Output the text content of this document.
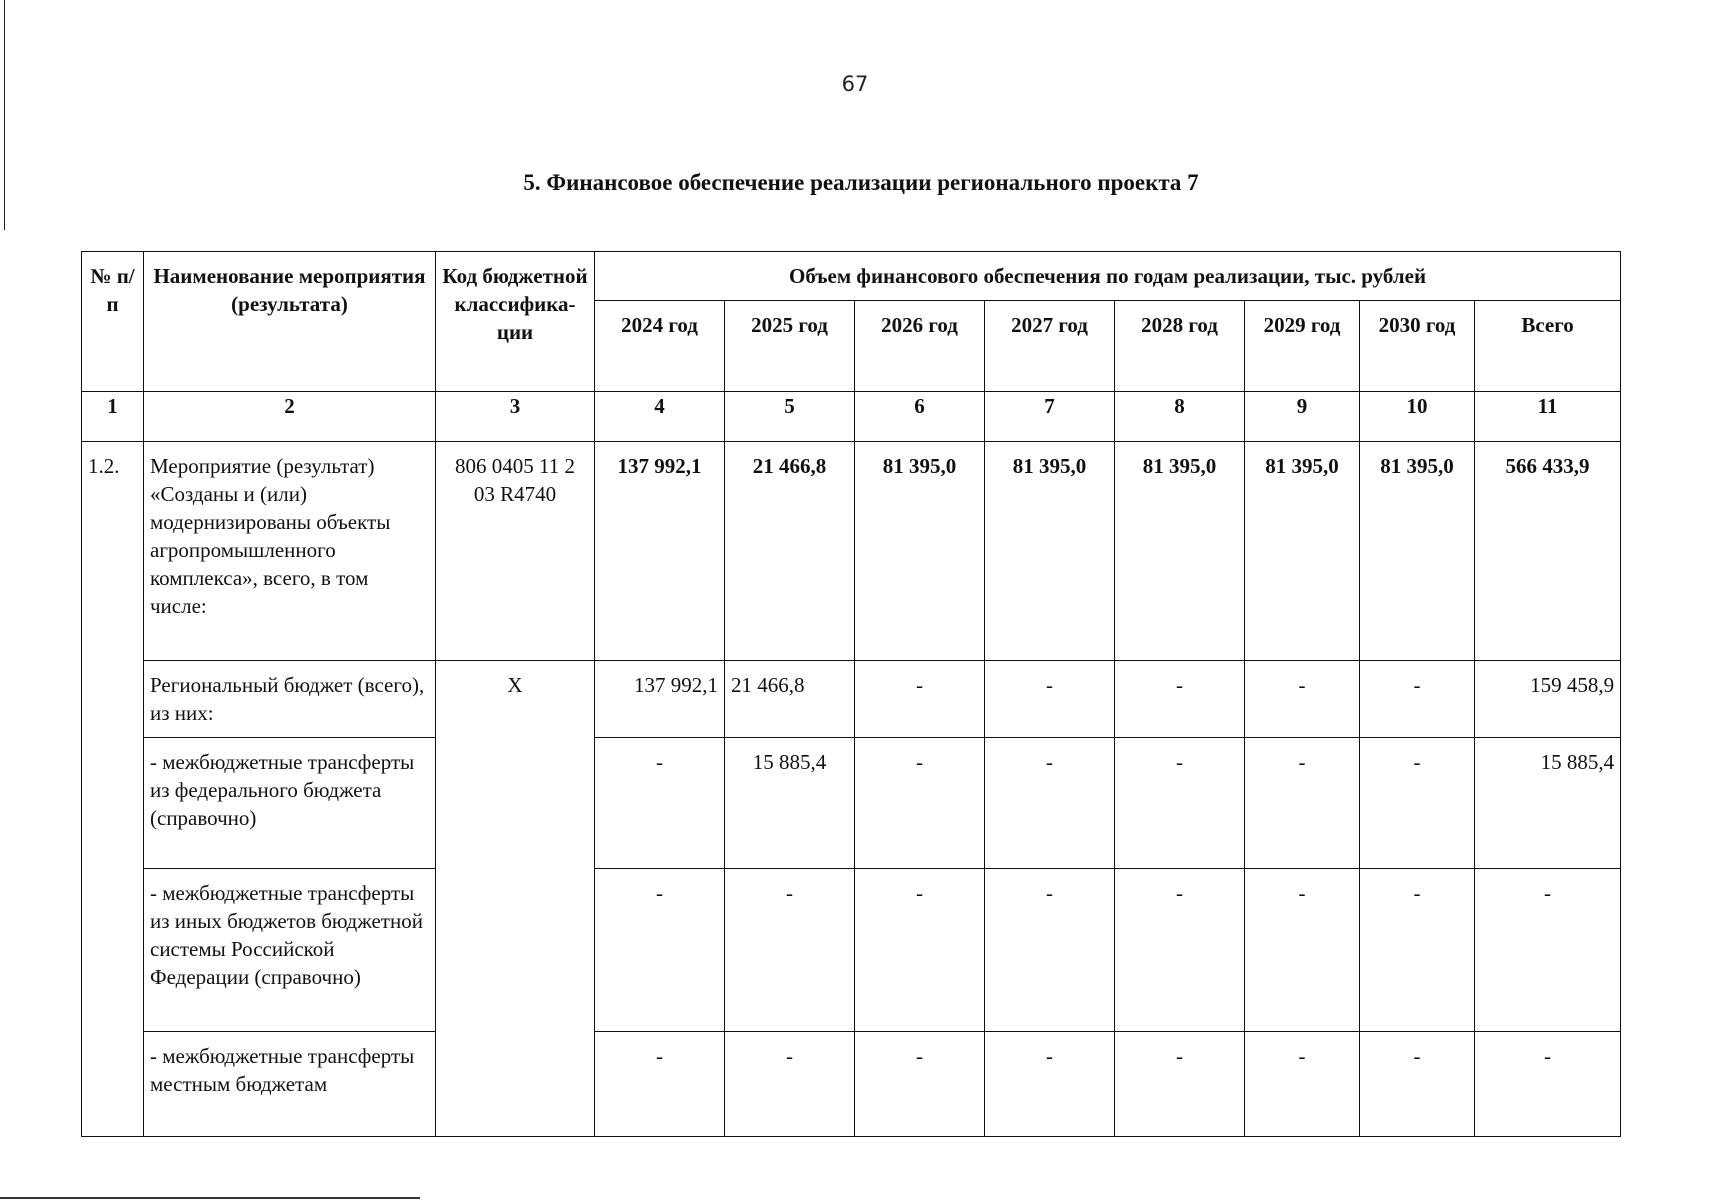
67
5. Финансовое обеспечение реализации регионального проекта 7
№ п/п	Наименование мероприятия (результата)	Код бюджетной классифика-ции	Объем финансового обеспечения по годам реализации, тыс. рублей							
			2024 год	2025 год	2026 год	2027 год	2028 год	2029 год	2030 год	Всего
1	2	3	4	5	6	7	8	9	10	11
1.2.	Мероприятие (результат) «Созданы и (или) модернизированы объекты агропромышленного комплекса», всего, в том числе:	806 0405 11 2 03 R4740	137 992,1	21 466,8	81 395,0	81 395,0	81 395,0	81 395,0	81 395,0	566 433,9
	Региональный бюджет (всего), из них:	X	137 992,1	21 466,8	-	-	-	-	-	159 458,9
	- межбюджетные трансферты из федерального бюджета (справочно)		-	15 885,4	-	-	-	-	-	15 885,4
	- межбюджетные трансферты из иных бюджетов бюджетной системы Российской Федерации (справочно)		-	-	-	-	-	-	-	-
	- межбюджетные трансферты местным бюджетам		-	-	-	-	-	-	-	-
